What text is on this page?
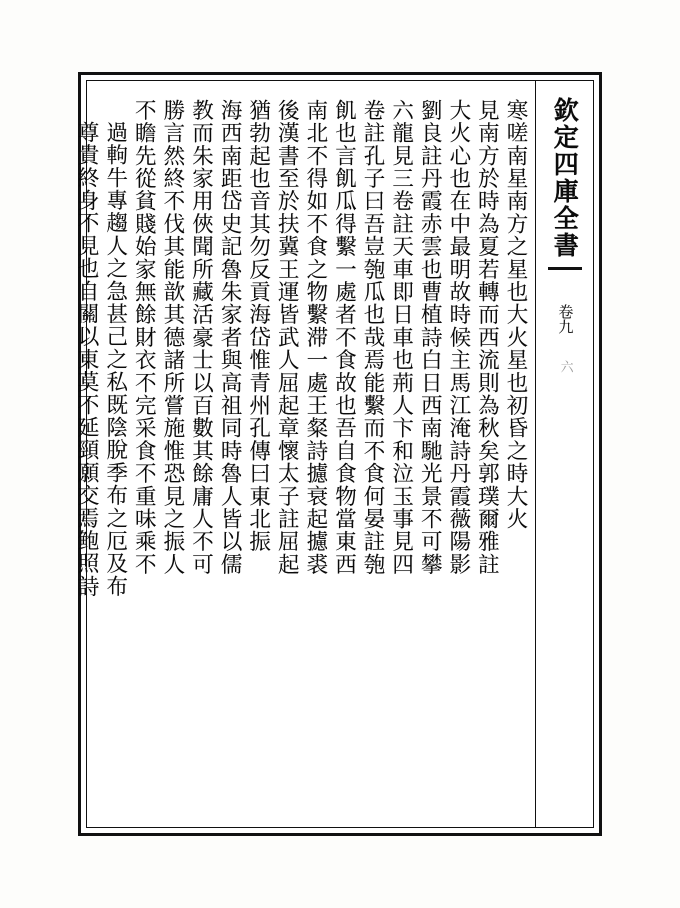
寒嗟南星南方之星也大火星也初昏之時大火
見南方於時為夏若轉而西流則為秋矣郭璞爾雅註
大火心也在中最明故時候主馬江淹詩丹霞薇陽影
劉良註丹霞赤雲也曹植詩白日西南馳光景不可攀
六龍見三卷註天車即日車也荊人卞和泣玉事見四
卷註孔子曰吾豈匏瓜也哉焉能繫而不食何晏註匏
飢也言飢瓜得繫一處者不食故也吾自食物當東西
南北不得如不食之物繫滞一處王粲詩攄衰起攄裘
後漢書至於扶冀王運皆武人屈起章懷太子註屈起
猶勃起也音其勿反貢海岱惟青州孔傳曰東北振
海西南距岱史記魯朱家者與高祖同時魯人皆以儒
教而朱家用俠聞所藏活豪士以百數其餘庸人不可
勝言然終不伐其能歆其德諸所嘗施惟恐見之振人
不瞻先從貧賤始家無餘財衣不完采食不重味乘不
過軥牛專趨人之急甚己之私既陰脫季布之厄及布
尊貴終身不見也自關以東莫不延頸願交焉鲍照詩	欽定四庫全書
卷九
六
